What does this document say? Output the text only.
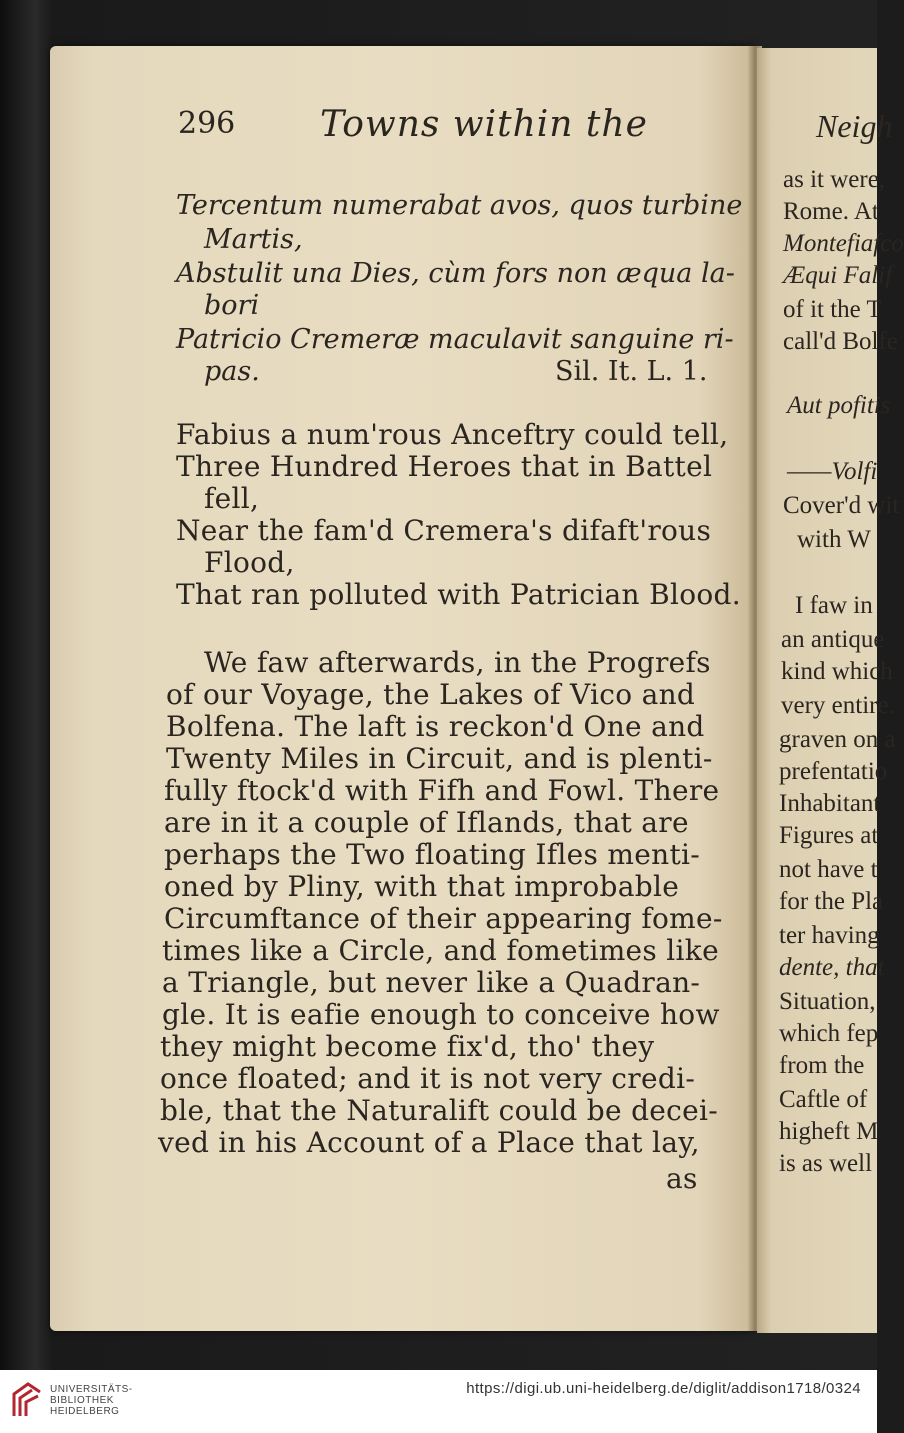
296 Towns within the
Tercentum numerabat avos, quos turbine
Martis,
Abstulit una Dies, cùm fors non æqua la-
bori
Patricio Cremeræ maculavit sanguine ri-
pas.	Sil. It. L. 1.
Fabius a num'rous Anceftry could tell,
Three Hundred Heroes that in Battel
fell,
Near the fam'd Cremera's difaft'rous
Flood,
That ran polluted with Patrician Blood.
We faw afterwards, in the Progrefs
of our Voyage, the Lakes of Vico and
Bolfena. The laft is reckon'd One and
Twenty Miles in Circuit, and is plenti-
fully ftock'd with Fifh and Fowl. There
are in it a couple of Iflands, that are
perhaps the Two floating Ifles menti-
oned by Pliny, with that improbable
Circumftance of their appearing fome-
times like a Circle, and fometimes like
a Triangle, but never like a Quadran-
gle. It is eafie enough to conceive how
they might become fix'd, tho' they
once floated; and it is not very credi-
ble, that the Naturalift could be decei-
ved in his Account of a Place that lay,
as
Neigh
as it were,
Rome. At
Montefiafco
Æqui Falif
of it the T
call'd Bolfe
Aut pofitis
——Volfi
Cover'd wit
with W
I faw in
an antique
kind which
very entire.
graven on a
prefentatio
Inhabitant
Figures at
not have t
for the Pla
ter having
dente, that
Situation,
which fep
from the
Caftle of
higheft M
is as well
UNIVERSITÄTS-
BIBLIOTHEK
HEIDELBERG
https://digi.ub.uni-heidelberg.de/diglit/addison1718/0324
